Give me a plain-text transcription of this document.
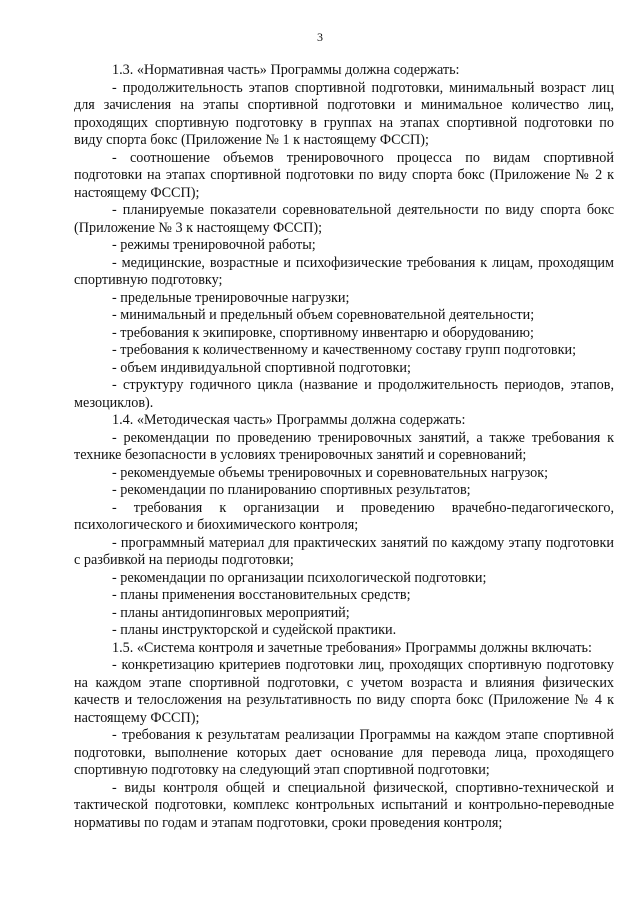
3

1.3. «Нормативная часть» Программы должна содержать:

- продолжительность этапов спортивной подготовки, минимальный возраст лиц для зачисления на этапы спортивной подготовки и минимальное количество лиц, проходящих спортивную подготовку в группах на этапах спортивной подготовки по виду спорта бокс (Приложение № 1 к настоящему ФССП);

- соотношение объемов тренировочного процесса по видам спортивной подготовки на этапах спортивной подготовки по виду спорта бокс (Приложение № 2 к настоящему ФССП);

- планируемые показатели соревновательной деятельности по виду спорта бокс (Приложение № 3 к настоящему ФССП);

- режимы тренировочной работы;

- медицинские, возрастные и психофизические требования к лицам, проходящим спортивную подготовку;

- предельные тренировочные нагрузки;

- минимальный и предельный объем соревновательной деятельности;

- требования к экипировке, спортивному инвентарю и оборудованию;

- требования к количественному и качественному составу групп подготовки;

- объем индивидуальной спортивной подготовки;

- структуру годичного цикла (название и продолжительность периодов, этапов, мезоциклов).

1.4. «Методическая часть» Программы должна содержать:

- рекомендации по проведению тренировочных занятий, а также требования к технике безопасности в условиях тренировочных занятий и соревнований;

- рекомендуемые объемы тренировочных и соревновательных нагрузок;

- рекомендации по планированию спортивных результатов;

- требования к организации и проведению врачебно-педагогического, психологического и биохимического контроля;

- программный материал для практических занятий по каждому этапу подготовки с разбивкой на периоды подготовки;

- рекомендации по организации психологической подготовки;

- планы применения восстановительных средств;

- планы антидопинговых мероприятий;

- планы инструкторской и судейской практики.

1.5. «Система контроля и зачетные требования» Программы должны включать:

- конкретизацию критериев подготовки лиц, проходящих спортивную подготовку на каждом этапе спортивной подготовки, с учетом возраста и влияния физических качеств и телосложения на результативность по виду спорта бокс (Приложение № 4 к настоящему ФССП);

- требования к результатам реализации Программы на каждом этапе спортивной подготовки, выполнение которых дает основание для перевода лица, проходящего спортивную подготовку на следующий этап спортивной подготовки;

- виды контроля общей и специальной физической, спортивно-технической и тактической подготовки, комплекс контрольных испытаний и контрольно-переводные нормативы по годам и этапам подготовки, сроки проведения контроля;
